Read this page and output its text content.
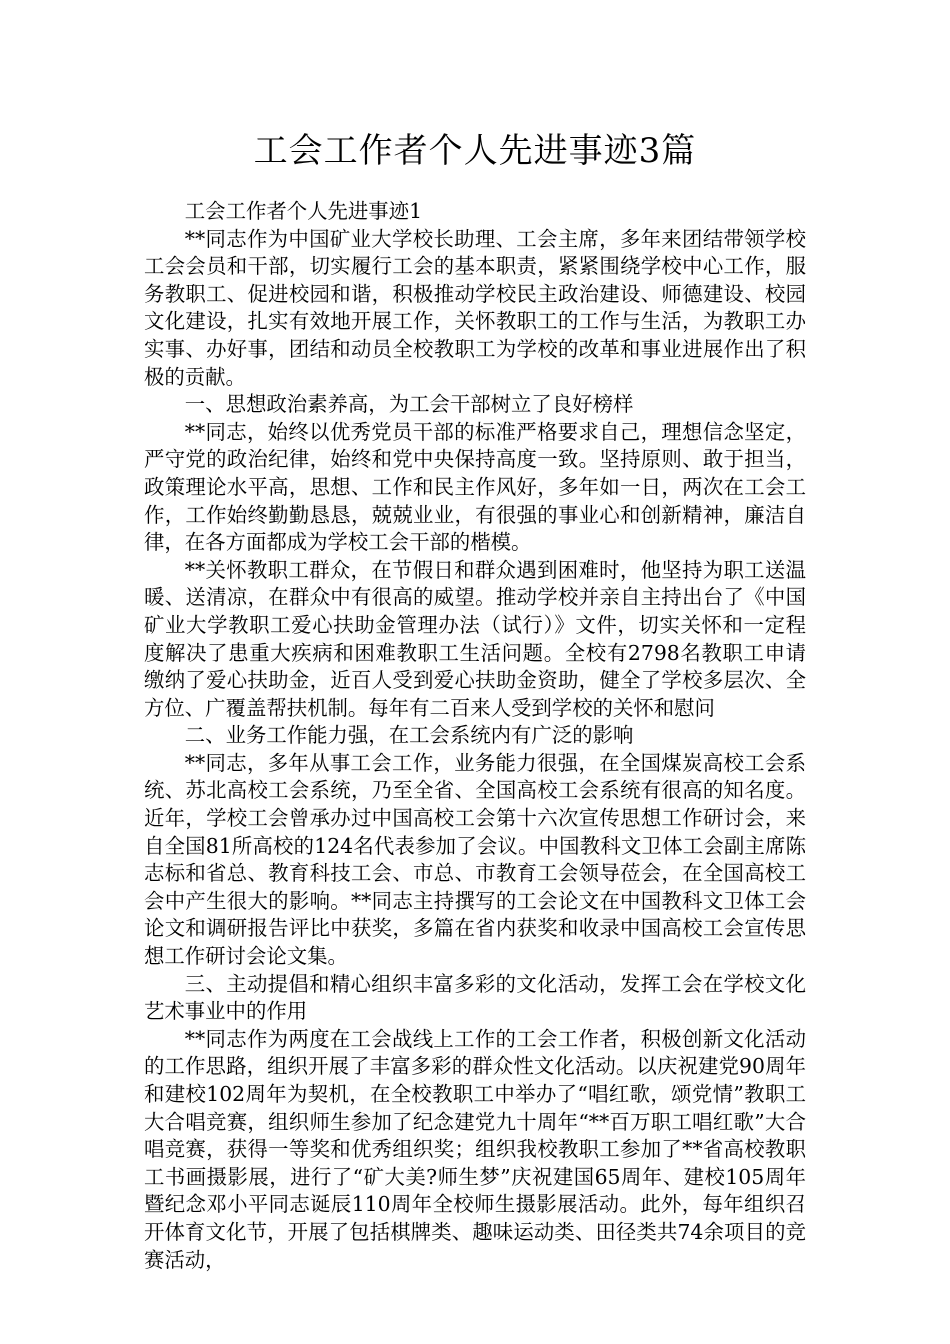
工会工作者个人先进事迹3篇

工会工作者个人先进事迹1

**同志作为中国矿业大学校长助理、工会主席，多年来团结带领学校工会会员和干部，切实履行工会的基本职责，紧紧围绕学校中心工作，服务教职工、促进校园和谐，积极推动学校民主政治建设、师德建设、校园文化建设，扎实有效地开展工作，关怀教职工的工作与生活，为教职工办实事、办好事，团结和动员全校教职工为学校的改革和事业进展作出了积极的贡献。

一、思想政治素养高，为工会干部树立了良好榜样

**同志，始终以优秀党员干部的标准严格要求自己，理想信念坚定，严守党的政治纪律，始终和党中央保持高度一致。坚持原则、敢于担当，政策理论水平高，思想、工作和民主作风好，多年如一日，两次在工会工作，工作始终勤勤恳恳，兢兢业业，有很强的事业心和创新精神，廉洁自律，在各方面都成为学校工会干部的楷模。

**关怀教职工群众，在节假日和群众遇到困难时，他坚持为职工送温暖、送清凉，在群众中有很高的威望。推动学校并亲自主持出台了《中国矿业大学教职工爱心扶助金管理办法（试行）》文件，切实关怀和一定程度解决了患重大疾病和困难教职工生活问题。全校有2798名教职工申请缴纳了爱心扶助金，近百人受到爱心扶助金资助，健全了学校多层次、全方位、广覆盖帮扶机制。每年有二百来人受到学校的关怀和慰问

二、业务工作能力强，在工会系统内有广泛的影响

**同志，多年从事工会工作，业务能力很强，在全国煤炭高校工会系统、苏北高校工会系统，乃至全省、全国高校工会系统有很高的知名度。近年，学校工会曾承办过中国高校工会第十六次宣传思想工作研讨会，来自全国81所高校的124名代表参加了会议。中国教科文卫体工会副主席陈志标和省总、教育科技工会、市总、市教育工会领导莅会，在全国高校工会中产生很大的影响。**同志主持撰写的工会论文在中国教科文卫体工会论文和调研报告评比中获奖，多篇在省内获奖和收录中国高校工会宣传思想工作研讨会论文集。

三、主动提倡和精心组织丰富多彩的文化活动，发挥工会在学校文化艺术事业中的作用

**同志作为两度在工会战线上工作的工会工作者，积极创新文化活动的工作思路，组织开展了丰富多彩的群众性文化活动。以庆祝建党90周年和建校102周年为契机，在全校教职工中举办了“唱红歌，颂党情”教职工大合唱竞赛，组织师生参加了纪念建党九十周年“**百万职工唱红歌”大合唱竞赛，获得一等奖和优秀组织奖；组织我校教职工参加了**省高校教职工书画摄影展，进行了“矿大美?师生梦”庆祝建国65周年、建校105周年暨纪念邓小平同志诞辰110周年全校师生摄影展活动。此外，每年组织召开体育文化节，开展了包括棋牌类、趣味运动类、田径类共74余项目的竞赛活动，
